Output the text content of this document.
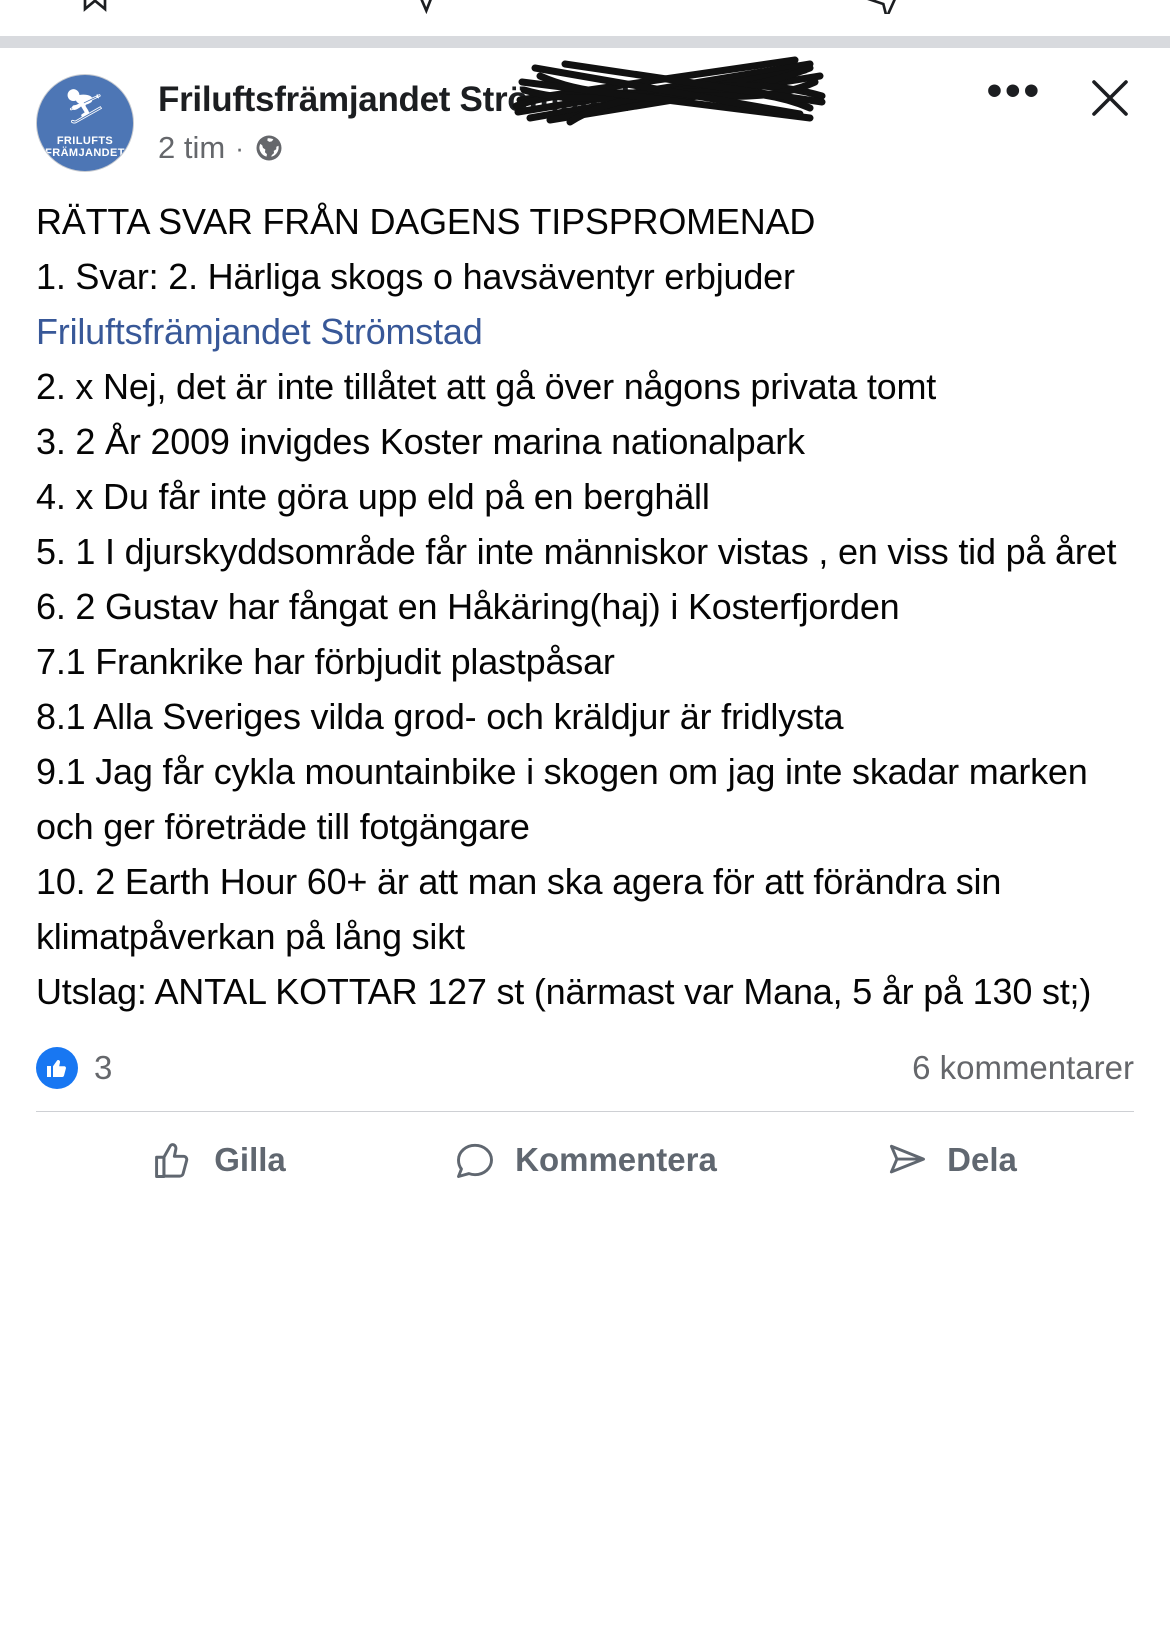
⛷
FRILUFTS
FRÄMJANDET
Friluftsfrämjandet Strömstad
2 tim ·
•••
RÄTTA SVAR FRÅN DAGENS TIPSPROMENAD
1. Svar: 2. Härliga skogs o havsäventyr erbjuder
Friluftsfrämjandet Strömstad
2. x Nej, det är inte tillåtet att gå över någons privata tomt
3. 2 År 2009 invigdes Koster marina nationalpark
4. x Du får inte göra upp eld på en berghäll
5. 1 I djurskyddsområde får inte människor vistas , en viss tid på året
6. 2 Gustav har fångat en Håkäring(haj) i Kosterfjorden
7.1 Frankrike har förbjudit plastpåsar
8.1 Alla Sveriges vilda grod- och kräldjur är fridlysta
9.1 Jag får cykla mountainbike i skogen om jag inte skadar marken och ger företräde till fotgängare
10. 2 Earth Hour 60+ är att man ska agera för att förändra sin klimatpåverkan på lång sikt
Utslag: ANTAL KOTTAR 127 st (närmast var Mana, 5 år på 130 st;)
3	6 kommentarer
Gilla	Kommentera	Dela
